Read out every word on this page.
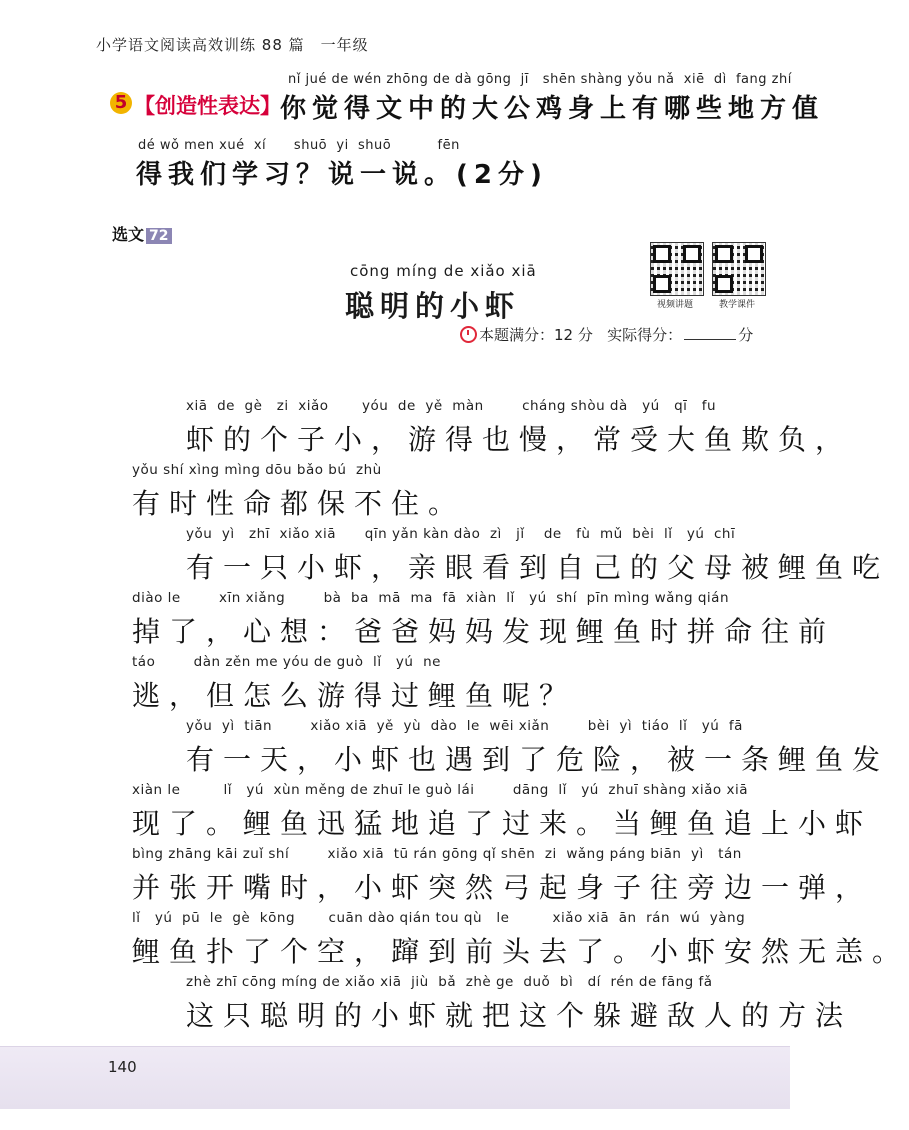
小学语文阅读高效训练 88 篇　一年级
5 【创造性表达】
nǐ jué de wén zhōng de dà gōng  jī   shēn shàng yǒu nǎ  xiē  dì  fang zhí
你觉得文中的大公鸡身上有哪些地方值
dé wǒ men xué  xí      shuō  yi  shuō          fēn
得我们学习？说一说。(2分)
选文 72
cōng míng de xiǎo xiā
聪明的小虾	视频讲题	教学课件
本题满分：12 分 实际得分：	分
xiā  de  gè   zi  xiǎo       yóu  de  yě  màn        cháng shòu dà   yú   qī   fu
虾的个子小，游得也慢，常受大鱼欺负，
yǒu shí xìng mìng dōu bǎo bú  zhù
有时性命都保不住。
yǒu  yì   zhī  xiǎo xiā      qīn yǎn kàn dào  zì   jǐ    de   fù  mǔ  bèi  lǐ   yú  chī
有一只小虾，亲眼看到自己的父母被鲤鱼吃
diào le        xīn xiǎng        bà  ba  mā  ma  fā  xiàn  lǐ   yú  shí  pīn mìng wǎng qián
掉了，心想：爸爸妈妈发现鲤鱼时拼命往前
táo        dàn zěn me yóu de guò  lǐ   yú  ne
逃，但怎么游得过鲤鱼呢？
yǒu  yì  tiān        xiǎo xiā  yě  yù  dào  le  wēi xiǎn        bèi  yì  tiáo  lǐ   yú  fā
有一天，小虾也遇到了危险，被一条鲤鱼发
xiàn le         lǐ   yú  xùn měng de zhuī le guò lái        dāng  lǐ   yú  zhuī shàng xiǎo xiā
现了。鲤鱼迅猛地追了过来。当鲤鱼追上小虾
bìng zhāng kāi zuǐ shí        xiǎo xiā  tū rán gōng qǐ shēn  zi  wǎng páng biān  yì   tán
并张开嘴时，小虾突然弓起身子往旁边一弹，
lǐ   yú  pū  le  gè  kōng       cuān dào qián tou qù   le         xiǎo xiā  ān  rán  wú  yàng
鲤鱼扑了个空，蹿到前头去了。小虾安然无恙。
zhè zhī cōng míng de xiǎo xiā  jiù  bǎ  zhè ge  duǒ  bì   dí  rén de fāng fǎ
这只聪明的小虾就把这个躲避敌人的方法
140
